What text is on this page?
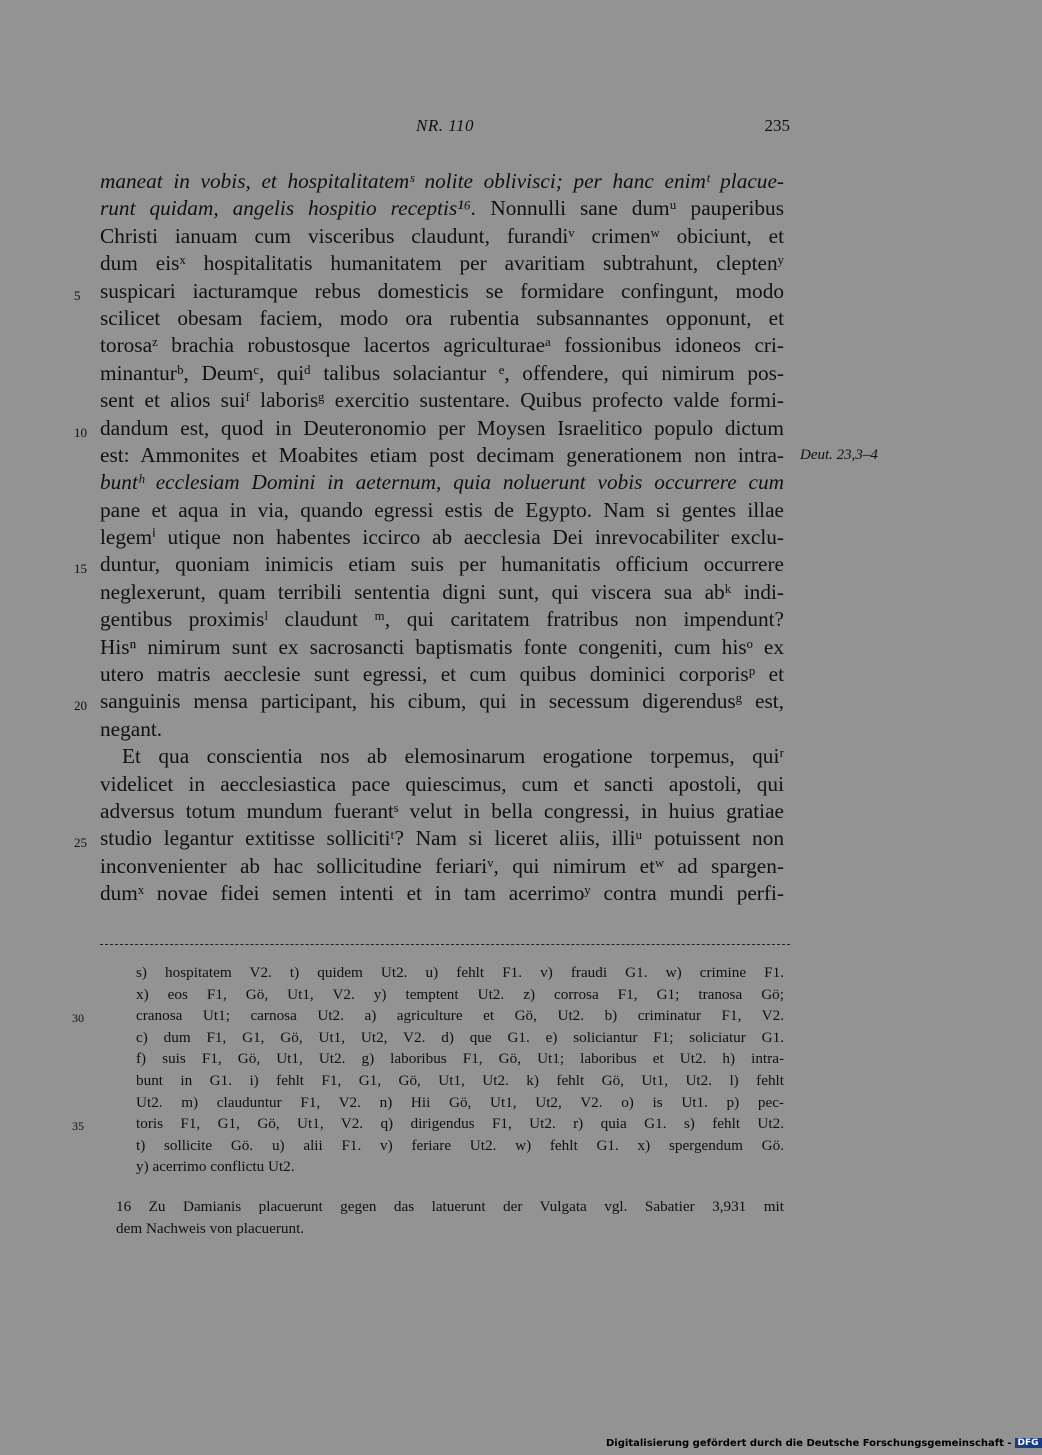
NR. 110	235
maneat in vobis, et hospitalitatemˢ nolite oblivisci; per hanc enimᵗ placue-
runt quidam, angelis hospitio receptis¹⁶. Nonnulli sane dumᵘ pauperibus
Christi ianuam cum visceribus claudunt, furandiᵛ crimenʷ obiciunt, et
dum eisˣ hospitalitatis humanitatem per avaritiam subtrahunt, cleptenʸ
5 suspicari iacturamque rebus domesticis se formidare confingunt, modo
scilicet obesam faciem, modo ora rubentia subsannantes opponunt, et
torosaᶻ brachia robustosque lacertos agriculturaeᵃ fossionibus idoneos cri-
minanturᵇ, Deumᶜ, quiᵈ talibus solaciantur ᵉ, offendere, qui nimirum pos-
sent et alios suiᶠ laborisᵍ exercitio sustentare. Quibus profecto valde formi-
10 dandum est, quod in Deuteronomio per Moysen Israelitico populo dictum
est: Ammonites et Moabites etiam post decimam generationem non intra- Deut. 23,3–4
buntʰ ecclesiam Domini in aeternum, quia noluerunt vobis occurrere cum
pane et aqua in via, quando egressi estis de Egypto. Nam si gentes illae
legemⁱ utique non habentes iccirco ab aecclesia Dei inrevocabiliter exclu-
15 duntur, quoniam inimicis etiam suis per humanitatis officium occurrere
neglexerunt, quam terribili sententia digni sunt, qui viscera sua abᵏ indi-
gentibus proximisˡ claudunt ᵐ, qui caritatem fratribus non impendunt?
Hisⁿ nimirum sunt ex sacrosancti baptismatis fonte congeniti, cum hisᵒ ex
utero matris aecclesie sunt egressi, et cum quibus dominici corporisᵖ et
20 sanguinis mensa participant, his cibum, qui in secessum digerendusᵍ est,
negant.
Et qua conscientia nos ab elemosinarum erogatione torpemus, quiʳ
videlicet in aecclesiastica pace quiescimus, cum et sancti apostoli, qui
adversus totum mundum fuerantˢ velut in bella congressi, in huius gratiae
25 studio legantur extitisse sollicitiᵗ? Nam si liceret aliis, illiᵘ potuissent non
inconvenienter ab hac sollicitudine feriariᵛ, qui nimirum etʷ ad spargen-
dumˣ novae fidei semen intenti et in tam acerrimoʸ contra mundi perfi-
s) hospitatem V2. t) quidem Ut2. u) fehlt F1. v) fraudi G1. w) crimine F1.
x) eos F1, Gö, Ut1, V2. y) temptent Ut2. z) corrosa F1, G1; tranosa Gö;
30	cranosa Ut1; carnosa Ut2. a) agriculture et Gö, Ut2. b) criminatur F1, V2.
c) dum F1, G1, Gö, Ut1, Ut2, V2. d) que G1. e) soliciantur F1; soliciatur G1.
f) suis F1, Gö, Ut1, Ut2. g) laboribus F1, Gö, Ut1; laboribus et Ut2. h) intra-
bunt in G1. i) fehlt F1, G1, Gö, Ut1, Ut2. k) fehlt Gö, Ut1, Ut2. l) fehlt
Ut2. m) clauduntur F1, V2. n) Hii Gö, Ut1, Ut2, V2. o) is Ut1. p) pec-
35	toris F1, G1, Gö, Ut1, V2. q) dirigendus F1, Ut2. r) quia G1. s) fehlt Ut2.
t) sollicite Gö. u) alii F1. v) feriare Ut2. w) fehlt G1. x) spergendum Gö.
y) acerrimo conflictu Ut2.
16 Zu Damianis placuerunt gegen das latuerunt der Vulgata vgl. Sabatier 3,931 mit
dem Nachweis von placuerunt.
Digitalisierung gefördert durch die Deutsche Forschungsgemeinschaft - DFG
